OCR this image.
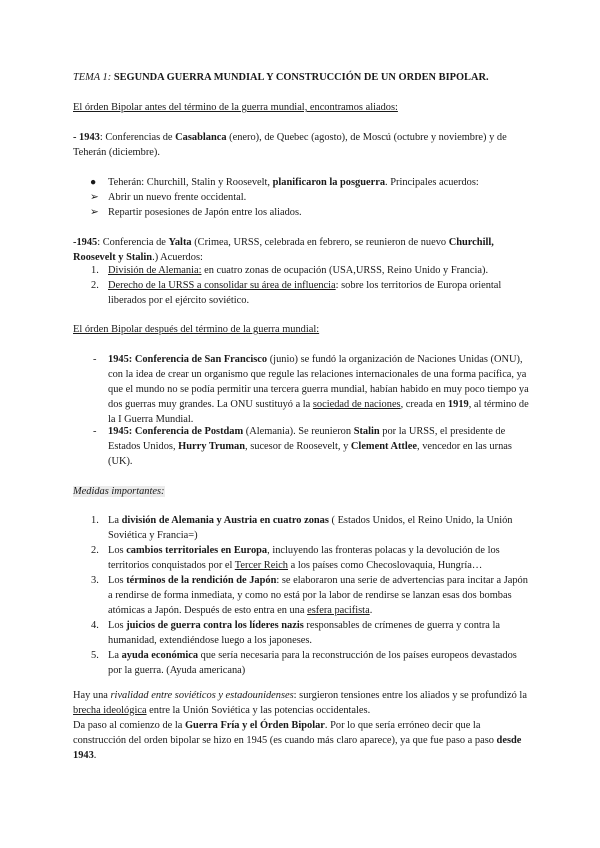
TEMA 1: SEGUNDA GUERRA MUNDIAL Y CONSTRUCCIÓN DE UN ORDEN BIPOLAR.
El órden Bipolar antes del término de la guerra mundial, encontramos aliados:
- 1943: Conferencias de Casablanca (enero), de Quebec (agosto), de Moscú (octubre y noviembre) y de Teherán (diciembre).
● Teherán: Churchill, Stalin y Roosevelt, planificaron la posguerra. Principales acuerdos:
➢ Abrir un nuevo frente occidental.
➢ Repartir posesiones de Japón entre los aliados.
-1945: Conferencia de Yalta (Crimea, URSS, celebrada en febrero, se reunieron de nuevo Churchill, Roosevelt y Stalin.) Acuerdos:
1. División de Alemania: en cuatro zonas de ocupación (USA,URSS, Reino Unido y Francia).
2. Derecho de la URSS a consolidar su área de influencia: sobre los territorios de Europa oriental liberados por el ejército soviético.
El órden Bipolar después del término de la guerra mundial:
- 1945: Conferencia de San Francisco (junio) se fundó la organización de Naciones Unidas (ONU), con la idea de crear un organismo que regule las relaciones internacionales de una forma pacífica, ya que el mundo no se podía permitir una tercera guerra mundial, habían habido en muy poco tiempo ya dos guerras muy grandes. La ONU sustituyó a la sociedad de naciones, creada en 1919, al término de la I Guerra Mundial.
- 1945: Conferencia de Postdam (Alemania). Se reunieron Stalin por la URSS, el presidente de Estados Unidos, Hurry Truman, sucesor de Roosevelt, y Clement Attlee, vencedor en las urnas (UK).
Medidas importantes:
1. La división de Alemania y Austria en cuatro zonas ( Estados Unidos, el Reino Unido, la Unión Soviética y Francia=)
2. Los cambios territoriales en Europa, incluyendo las fronteras polacas y la devolución de los territorios conquistados por el Tercer Reich a los países como Checoslovaquia, Hungría…
3. Los términos de la rendición de Japón: se elaboraron una serie de advertencias para incitar a Japón a rendirse de forma inmediata, y como no está por la labor de rendirse se lanzan esas dos bombas atómicas a Japón. Después de esto entra en una esfera pacifista.
4. Los juicios de guerra contra los líderes nazis responsables de crímenes de guerra y contra la humanidad, extendiéndose luego a los japoneses.
5. La ayuda económica que sería necesaria para la reconstrucción de los países europeos devastados por la guerra. (Ayuda americana)
Hay una rivalidad entre soviéticos y estadounidenses: surgieron tensiones entre los aliados y se profundizó la brecha ideológica entre la Unión Soviética y las potencias occidentales.
Da paso al comienzo de la Guerra Fría y el Órden Bipolar. Por lo que sería erróneo decir que la construcción del orden bipolar se hizo en 1945 (es cuando más claro aparece), ya que fue paso a paso desde 1943.
